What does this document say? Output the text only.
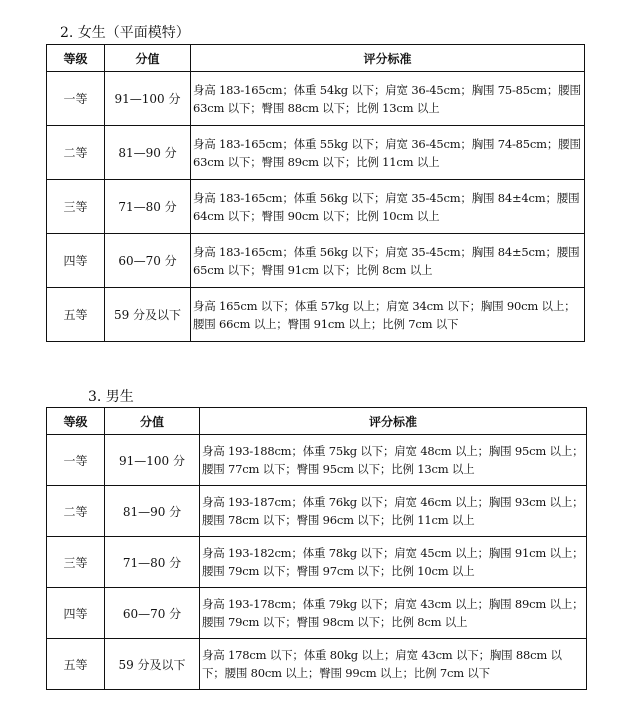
2. 女生（平面模特）
等级	分值	评分标准
一等	91—100 分	身高 183-165cm；体重 54kg 以下；肩宽 36-45cm；胸围 75-85cm；腰围 63cm 以下；臀围 88cm 以下；比例 13cm 以上
二等	81—90 分	身高 183-165cm；体重 55kg 以下；肩宽 36-45cm；胸围 74-85cm；腰围 63cm 以下；臀围 89cm 以下；比例 11cm 以上
三等	71—80 分	身高 183-165cm；体重 56kg 以下；肩宽 35-45cm；胸围 84±4cm；腰围 64cm 以下；臀围 90cm 以下；比例 10cm 以上
四等	60—70 分	身高 183-165cm；体重 56kg 以下；肩宽 35-45cm；胸围 84±5cm；腰围 65cm 以下；臀围 91cm 以下；比例 8cm 以上
五等	59 分及以下	身高 165cm 以下；体重 57kg 以上；肩宽 34cm 以下；胸围 90cm 以上； 腰围 66cm 以上；臀围 91cm 以上；比例 7cm 以下
3. 男生
等级	分值	评分标准
一等	91—100 分	身高 193-188cm；体重 75kg 以下；肩宽 48cm 以上；胸围 95cm 以上；腰围 77cm 以下；臀围 95cm 以下；比例 13cm 以上
二等	81—90 分	身高 193-187cm；体重 76kg 以下；肩宽 46cm 以上；胸围 93cm 以上；腰围 78cm 以下；臀围 96cm 以下；比例 11cm 以上
三等	71—80 分	身高 193-182cm；体重 78kg 以下；肩宽 45cm 以上；胸围 91cm 以上；腰围 79cm 以下；臀围 97cm 以下；比例 10cm 以上
四等	60—70 分	身高 193-178cm；体重 79kg 以下；肩宽 43cm 以上；胸围 89cm 以上；腰围 79cm 以下；臀围 98cm 以下；比例 8cm 以上
五等	59 分及以下	身高 178cm 以下；体重 80kg 以上；肩宽 43cm 以下；胸围 88cm 以下；腰围 80cm 以上；臀围 99cm 以上；比例 7cm 以下
